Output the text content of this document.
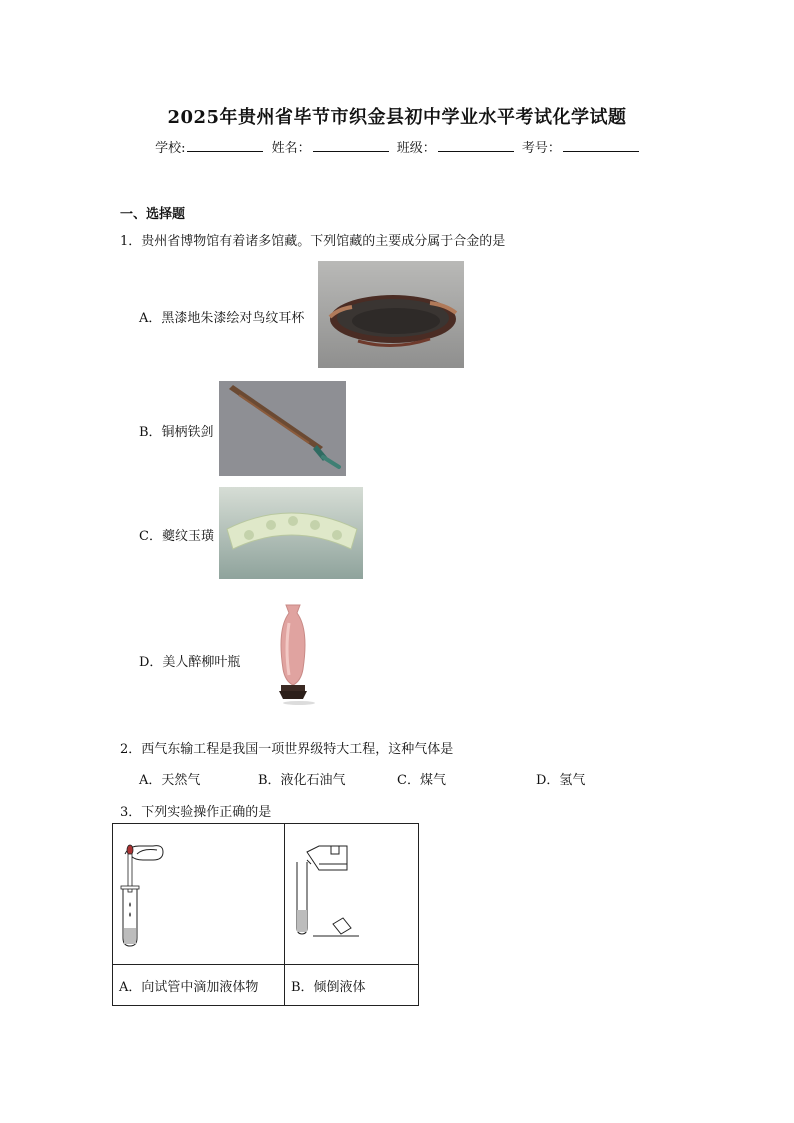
2025年贵州省毕节市织金县初中学业水平考试化学试题
学校:	姓名：	班级：	考号：
一、选择题
1．贵州省博物馆有着诸多馆藏。下列馆藏的主要成分属于合金的是
A．黑漆地朱漆绘对鸟纹耳杯
B．铜柄铁剑
C．夔纹玉璜
D．美人醉柳叶瓶
2．西气东输工程是我国一项世界级特大工程，这种气体是
A．天然气	B．液化石油气	C．煤气	D．氢气
3．下列实验操作正确的是

A．向试管中滴加液体物	B．倾倒液体
